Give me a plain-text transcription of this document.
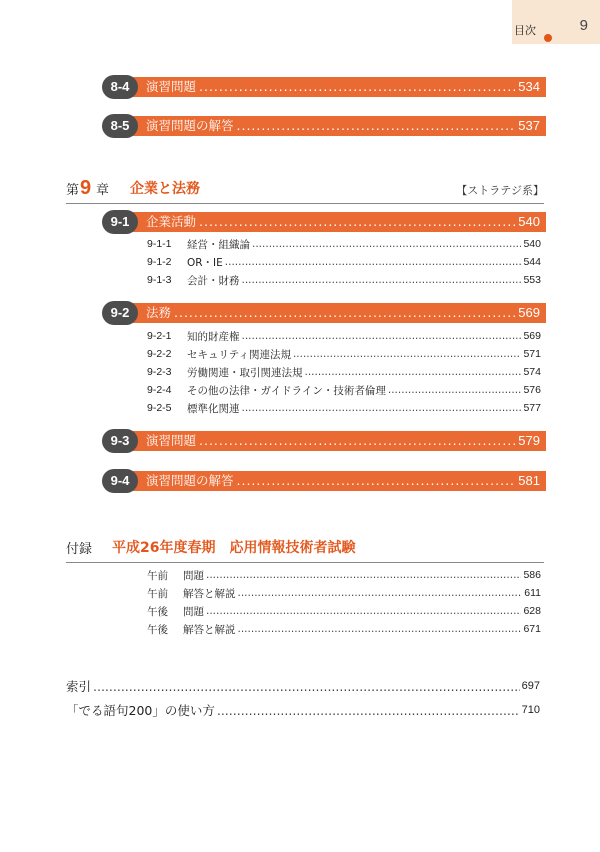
目次	9
8-4	演習問題 .....	534
8-5	演習問題の解答 .....	537
第 9 章 企業と法務	【ストラテジ系】
9-1	企業活動 .....	540
9-1-1	経営・組織論 .....	540
9-1-2	OR・IE .....	544
9-1-3	会計・財務 .....	553
9-2	法務 .....	569
9-2-1	知的財産権 .....	569
9-2-2	セキュリティ関連法規 .....	571
9-2-3	労働関連・取引関連法規 .....	574
9-2-4	その他の法律・ガイドライン・技術者倫理 .....	576
9-2-5	標準化関連 .....	577
9-3	演習問題 .....	579
9-4	演習問題の解答 .....	581
付録 平成26年度春期　応用情報技術者試験
午前	問題 .....	586
午前	解答と解説 .....	611
午後	問題 .....	628
午後	解答と解説 .....	671
索引 .....	697
「でる語句200」の使い方 .....	710
